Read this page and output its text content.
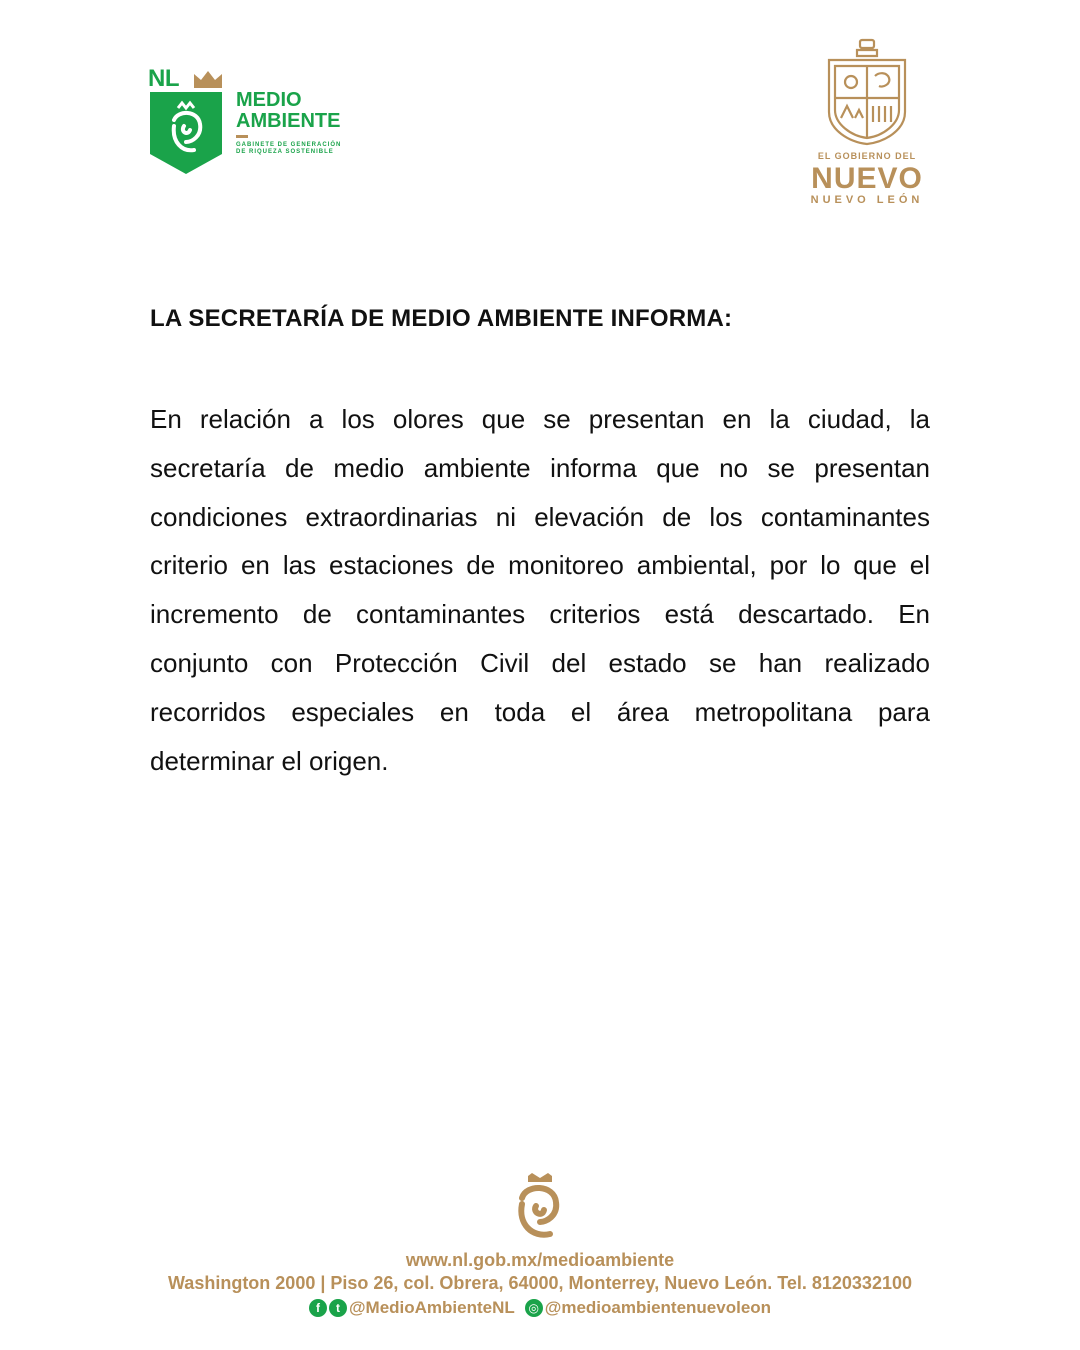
NL
MEDIO
AMBIENTE
GABINETE DE GENERACIÓN
DE RIQUEZA SOSTENIBLE	EL GOBIERNO DEL
NUEVO
NUEVO LEÓN
LA SECRETARÍA DE MEDIO AMBIENTE INFORMA:
En relación a los olores que se presentan en la ciudad, la secretaría de medio ambiente informa que no se presentan condiciones extraordinarias ni elevación de los contaminantes criterio en las estaciones de monitoreo ambiental, por lo que el incremento de contaminantes criterios está descartado. En conjunto con Protección Civil del estado se han realizado recorridos especiales en toda el área metropolitana para determinar el origen.
www.nl.gob.mx/medioambiente
Washington 2000 | Piso 26, col. Obrera, 64000, Monterrey, Nuevo León. Tel. 8120332100
f	t @MedioAmbienteNL	◎ @medioambientenuevoleon
